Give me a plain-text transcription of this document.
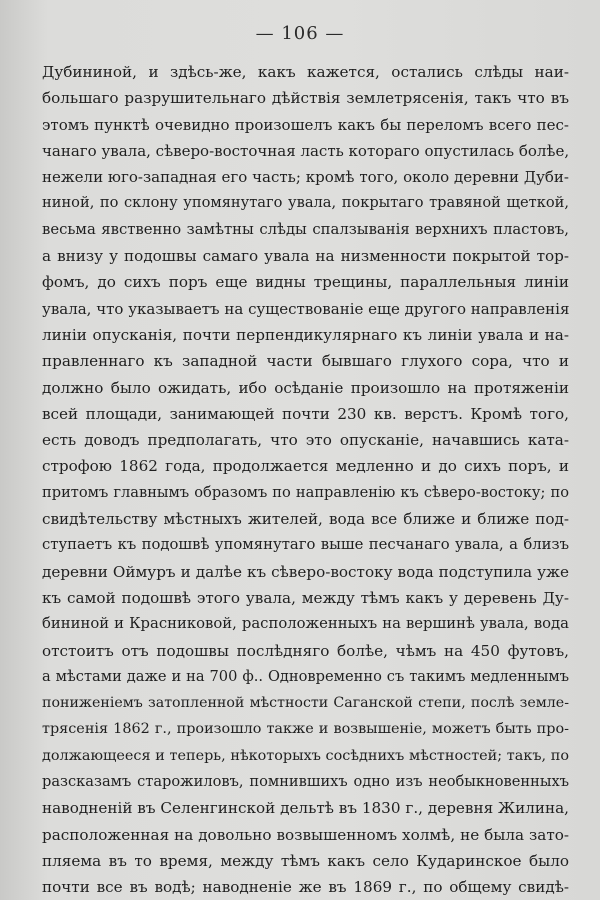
— 106 —
Дубининой, и здѣсь-же, какъ кажется, остались слѣды наи-
большаго разрушительнаго дѣйствія землетрясенія, такъ что въ
этомъ пунктѣ очевидно произошелъ какъ бы переломъ всего пес-
чанаго увала, сѣверо-восточная ласть котораго опустилась болѣе,
нежели юго-западная его часть; кромѣ того, около деревни Дуби-
ниной, по склону упомянутаго увала, покрытаго травяной щеткой,
весьма явственно замѣтны слѣды спалзыванія верхнихъ пластовъ,
а внизу у подошвы самаго увала на низменности покрытой тор-
фомъ, до сихъ поръ еще видны трещины, параллельныя линіи
увала, что указываетъ на существованіе еще другого направленія
линіи опусканія, почти перпендикулярнаго къ линіи увала и на-
правленнаго къ западной части бывшаго глухого сора, что и
должно было ожидать, ибо осѣданіе произошло на протяженіи
всей площади, занимающей почти 230 кв. верстъ. Кромѣ того,
есть доводъ предполагать, что это опусканіе, начавшись ката-
строфою 1862 года, продолжается медленно и до сихъ поръ, и
притомъ главнымъ образомъ по направленію къ сѣверо-востоку; по
свидѣтельству мѣстныхъ жителей, вода все ближе и ближе под-
ступаетъ къ подошвѣ упомянутаго выше песчанаго увала, а близъ
деревни Оймуръ и далѣе къ сѣверо-востоку вода подступила уже
къ самой подошвѣ этого увала, между тѣмъ какъ у деревень Ду-
бининой и Красниковой, расположенныхъ на вершинѣ увала, вода
отстоитъ отъ подошвы послѣдняго болѣе, чѣмъ на 450 футовъ,
а мѣстами даже и на 700 ф.. Одновременно съ такимъ медленнымъ
пониженіемъ затопленной мѣстности Саганской степи, послѣ земле-
трясенія 1862 г., произошло также и возвышеніе, можетъ быть про-
должающееся и теперь, нѣкоторыхъ сосѣднихъ мѣстностей; такъ, по
разсказамъ старожиловъ, помнившихъ одно изъ необыкновенныхъ
наводненій въ Селенгинской дельтѣ въ 1830 г., деревня Жилина,
расположенная на довольно возвышенномъ холмѣ, не была зато-
пляема въ то время, между тѣмъ какъ село Кударинское было
почти все въ водѣ; наводненіе же въ 1869 г., по общему свидѣ-
